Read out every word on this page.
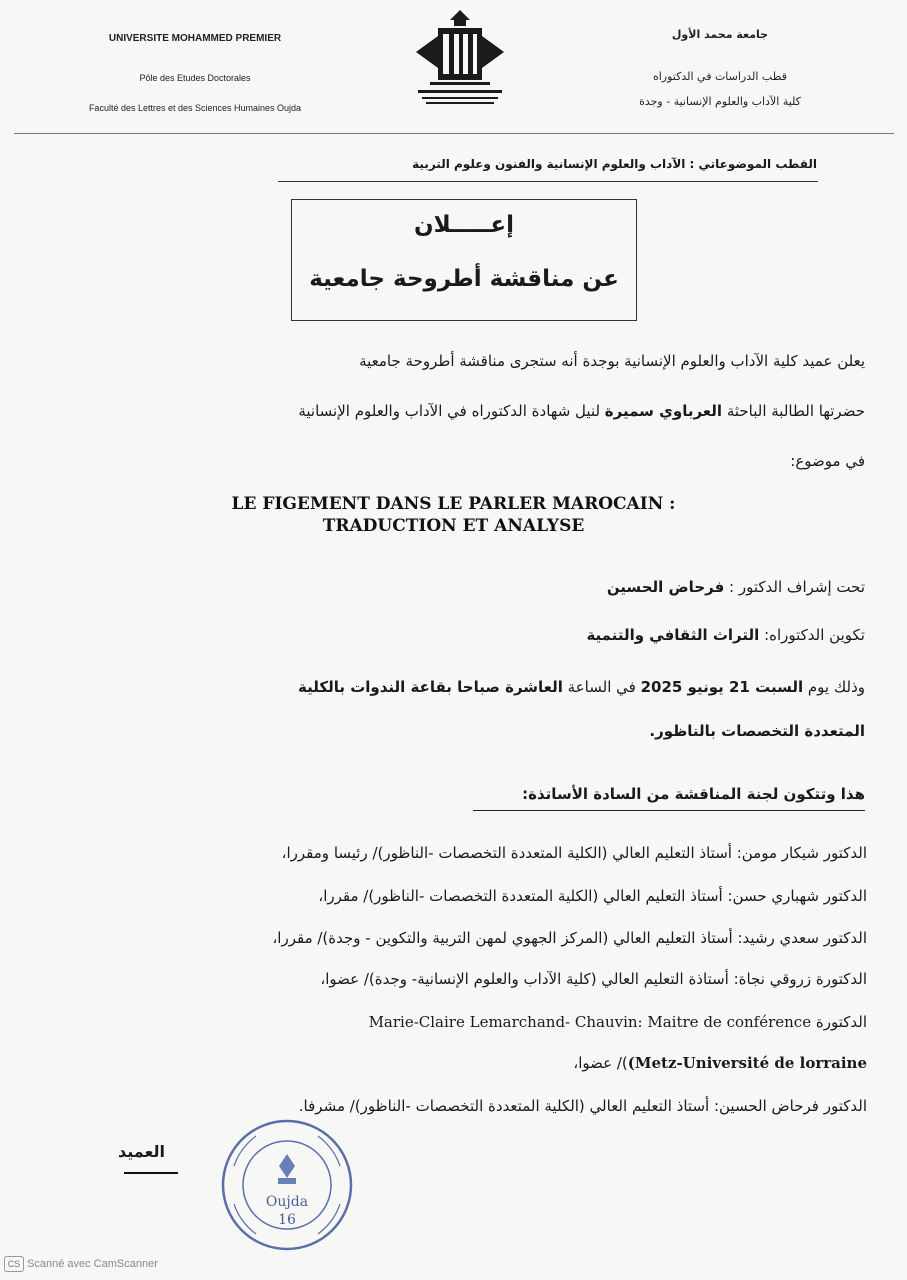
UNIVERSITE MOHAMMED PREMIER
Pôle des Etudes Doctorales
Faculté des Lettres et des Sciences Humaines Oujda
جامعة محمد الأول
قطب الدراسات في الدكتوراه
كلية الآداب والعلوم الإنسانية - وجدة
القطب الموضوعاتي : الآداب والعلوم الإنسانية والفنون وعلوم التربية
إعـــــلان
عن مناقشة أطروحة جامعية
يعلن عميد كلية الآداب والعلوم الإنسانية بوجدة أنه ستجرى مناقشة أطروحة جامعية
حضرتها الطالبة الباحثة العرباوي سميرة لنيل شهادة الدكتوراه في الآداب والعلوم الإنسانية
في موضوع:
LE FIGEMENT DANS LE PARLER MAROCAIN :
TRADUCTION ET ANALYSE
تحت إشراف الدكتور : فرحاض الحسين
تكوين الدكتوراه: التراث الثقافي والتنمية
وذلك يوم السبت 21 يونيو 2025 في الساعة العاشرة صباحا بقاعة الندوات بالكلية
المتعددة التخصصات بالناظور.
هذا وتتكون لجنة المناقشة من السادة الأساتذة:
الدكتور شيكار مومن: أستاذ التعليم العالي (الكلية المتعددة التخصصات -الناظور)/ رئيسا ومقررا،
الدكتور شهباري حسن: أستاذ التعليم العالي (الكلية المتعددة التخصصات -الناظور)/ مقررا،
الدكتور سعدي رشيد: أستاذ التعليم العالي (المركز الجهوي لمهن التربية والتكوين - وجدة)/ مقررا،
الدكتورة زروقي نجاة: أستاذة التعليم العالي (كلية الآداب والعلوم الإنسانية- وجدة)/ عضوا،
الدكتورة Marie-Claire Lemarchand- Chauvin: Maitre de conférence
(Metz-Université de lorraine)/ عضوا،
الدكتور فرحاض الحسين: أستاذ التعليم العالي (الكلية المتعددة التخصصات -الناظور)/ مشرفا.
العميد
Oujda
16
CS Scanné avec CamScanner
